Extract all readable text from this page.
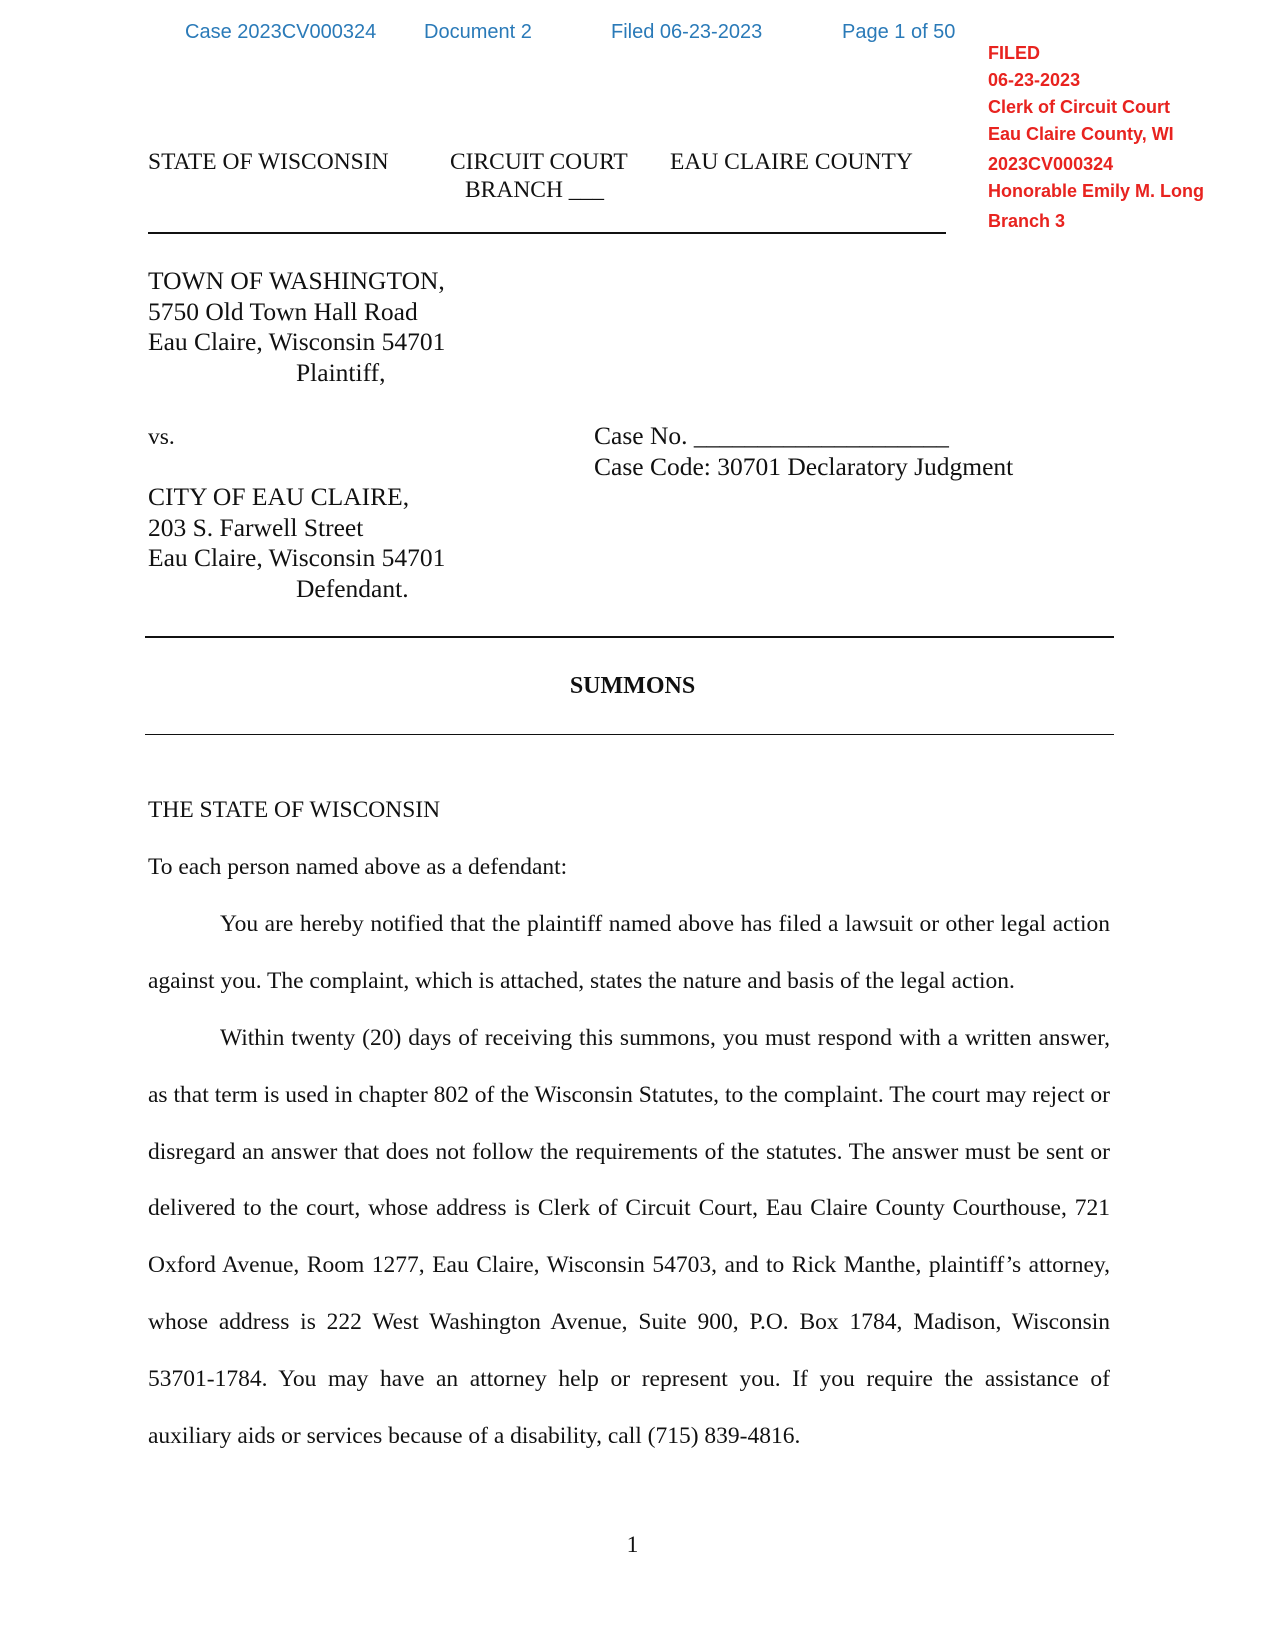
Case 2023CV000324 Document 2	Filed 06-23-2023	Page 1 of 50
FILED
06-23-2023
Clerk of Circuit Court
Eau Claire County, WI
2023CV000324
Honorable Emily M. Long
Branch 3
STATE OF WISCONSIN	CIRCUIT COURT
BRANCH ___
EAU CLAIRE COUNTY
TOWN OF WASHINGTON,
5750 Old Town Hall Road
Eau Claire, Wisconsin 54701
Plaintiff,
vs.	Case No. ____________________
Case Code: 30701 Declaratory Judgment
CITY OF EAU CLAIRE,
203 S. Farwell Street
Eau Claire, Wisconsin 54701
Defendant.
SUMMONS
THE STATE OF WISCONSIN
To each person named above as a defendant:
You are hereby notified that the plaintiff named above has filed a lawsuit or other legal action against you. The complaint, which is attached, states the nature and basis of the legal action.
Within twenty (20) days of receiving this summons, you must respond with a written answer, as that term is used in chapter 802 of the Wisconsin Statutes, to the complaint. The court may reject or disregard an answer that does not follow the requirements of the statutes. The answer must be sent or delivered to the court, whose address is Clerk of Circuit Court, Eau Claire County Courthouse, 721 Oxford Avenue, Room 1277, Eau Claire, Wisconsin 54703, and to Rick Manthe, plaintiff’s attorney, whose address is 222 West Washington Avenue, Suite 900, P.O. Box 1784, Madison, Wisconsin 53701-1784. You may have an attorney help or represent you. If you require the assistance of auxiliary aids or services because of a disability, call (715) 839-4816.
1
